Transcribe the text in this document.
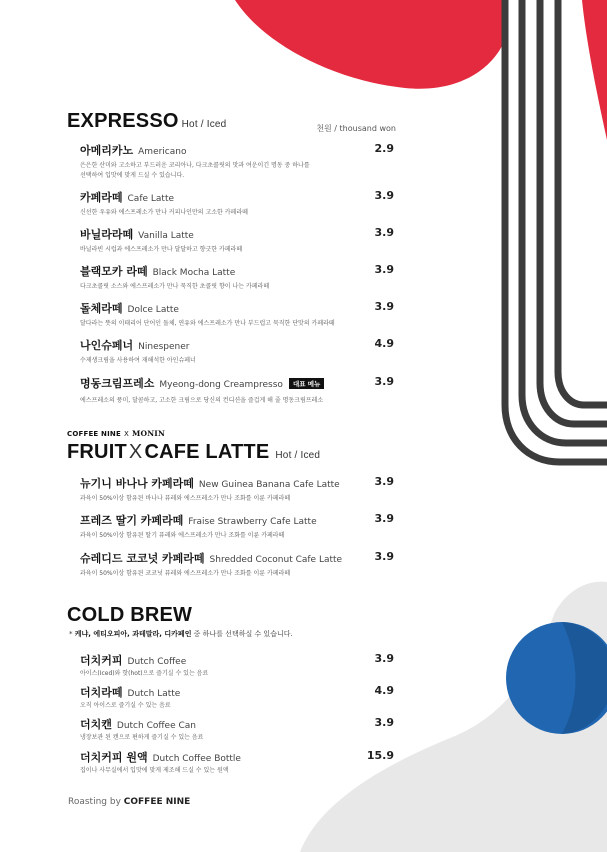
EXPRESSO Hot / Iced	천원 / thousand won
아메리카노 Americano	2.9
은은한 산미와 고소하고 부드러운 코리아나, 다크초콜릿의 맛과 여운이긴 명동 중 하나를
선택하여 입맛에 맞게 드실 수 있습니다.
카페라떼 Cafe Latte	3.9
신선한 우유와 에스프레소가 만나 커피나인만의 고소한 카페라떼
바닐라라떼 Vanilla Latte	3.9
바닐라빈 시럽과 에스프레소가 만나 달달하고 향긋한 카페라떼
블랙모카 라떼 Black Mocha Latte	3.9
다크초콜릿 소스와 에스프레소가 만나 묵직한 초콜릿 향이 나는 카페라떼
돌체라떼 Dolce Latte	3.9
달다라는 뜻의 이태리어 단어인 돌체, 연유와 에스프레소가 만나 부드럽고 묵직한 단맛의 카페라떼
나인슈페너 Ninespener	4.9
수제생크림을 사용하여 재해석한 아인슈페너
명동크림프레소 Myeong-dong Creampresso 대표 메뉴	3.9
에스프레소의 풍미, 달콤하고, 고소한 크림으로 당신의 컨디션을 즐겁게 해 줄 명동크림프레소
COFFEE NINE X MONIN
FRUIT X CAFE LATTE Hot / Iced
뉴기니 바나나 카페라떼 New Guinea Banana Cafe Latte	3.9
과육이 50%이상 함유된 바나나 퓨레와 에스프레소가 만나 조화를 이룬 카페라떼
프레즈 딸기 카페라떼 Fraise Strawberry Cafe Latte	3.9
과육이 50%이상 함유된 딸기 퓨레와 에스프레소가 만나 조화를 이룬 카페라떼
슈레디드 코코넛 카페라떼 Shredded Coconut Cafe Latte	3.9
과육이 50%이상 함유된 코코넛 퓨레와 에스프레소가 만나 조화를 이룬 카페라떼
COLD BREW
* 케냐, 에티오피아, 과테말라, 디카페인 중 하나를 선택하실 수 있습니다.
더치커피 Dutch Coffee	3.9
아이스(Iced)와 핫(hot)으로 즐기실 수 있는 음료
더치라떼 Dutch Latte	4.9
오직 아이스로 즐기실 수 있는 음료
더치캔 Dutch Coffee Can	3.9
냉장보관 된 캔으로 편하게 즐기실 수 있는 음료
더치커피 원액 Dutch Coffee Bottle	15.9
집이나 사무실에서 입맛에 맞게 제조해 드실 수 있는 원액
Roasting by COFFEE NINE
